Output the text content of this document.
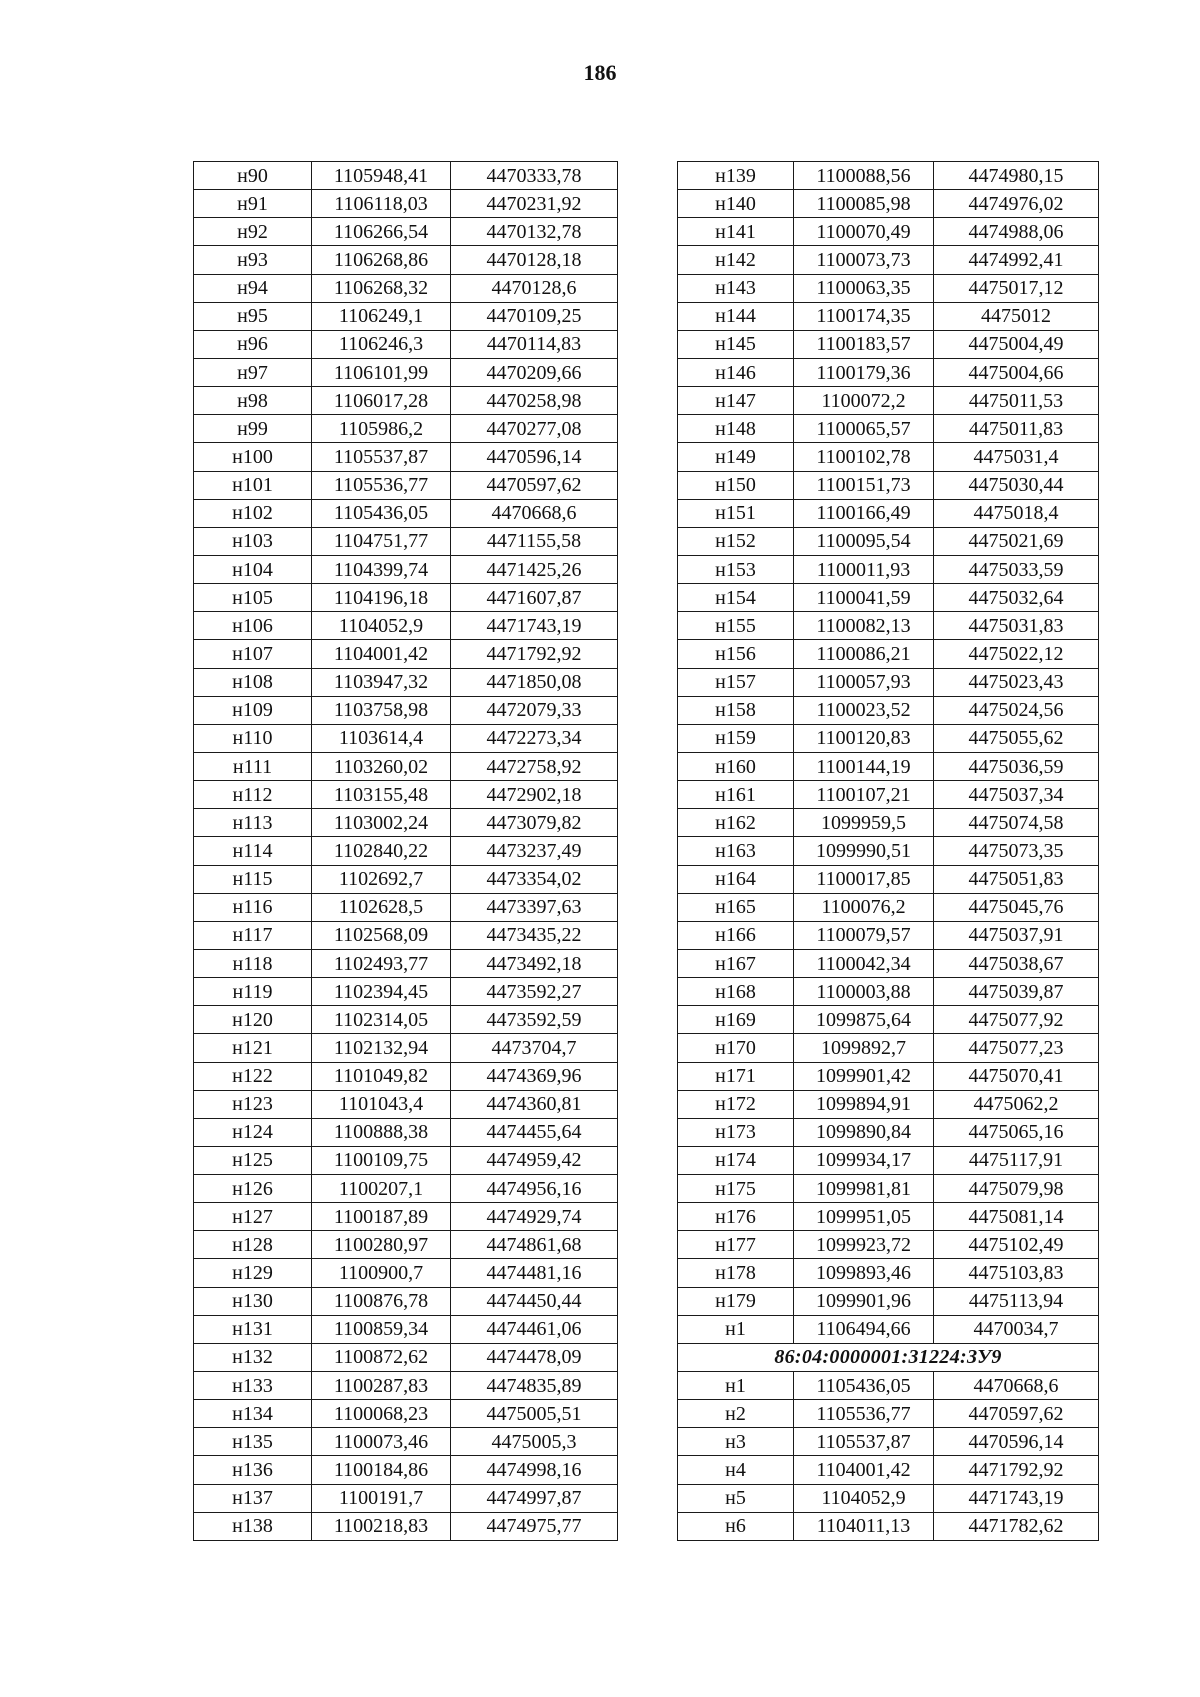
186
н90	1105948,41	4470333,78
н91	1106118,03	4470231,92
н92	1106266,54	4470132,78
н93	1106268,86	4470128,18
н94	1106268,32	4470128,6
н95	1106249,1	4470109,25
н96	1106246,3	4470114,83
н97	1106101,99	4470209,66
н98	1106017,28	4470258,98
н99	1105986,2	4470277,08
н100	1105537,87	4470596,14
н101	1105536,77	4470597,62
н102	1105436,05	4470668,6
н103	1104751,77	4471155,58
н104	1104399,74	4471425,26
н105	1104196,18	4471607,87
н106	1104052,9	4471743,19
н107	1104001,42	4471792,92
н108	1103947,32	4471850,08
н109	1103758,98	4472079,33
н110	1103614,4	4472273,34
н111	1103260,02	4472758,92
н112	1103155,48	4472902,18
н113	1103002,24	4473079,82
н114	1102840,22	4473237,49
н115	1102692,7	4473354,02
н116	1102628,5	4473397,63
н117	1102568,09	4473435,22
н118	1102493,77	4473492,18
н119	1102394,45	4473592,27
н120	1102314,05	4473592,59
н121	1102132,94	4473704,7
н122	1101049,82	4474369,96
н123	1101043,4	4474360,81
н124	1100888,38	4474455,64
н125	1100109,75	4474959,42
н126	1100207,1	4474956,16
н127	1100187,89	4474929,74
н128	1100280,97	4474861,68
н129	1100900,7	4474481,16
н130	1100876,78	4474450,44
н131	1100859,34	4474461,06
н132	1100872,62	4474478,09
н133	1100287,83	4474835,89
н134	1100068,23	4475005,51
н135	1100073,46	4475005,3
н136	1100184,86	4474998,16
н137	1100191,7	4474997,87
н138	1100218,83	4474975,77
н139	1100088,56	4474980,15
н140	1100085,98	4474976,02
н141	1100070,49	4474988,06
н142	1100073,73	4474992,41
н143	1100063,35	4475017,12
н144	1100174,35	4475012
н145	1100183,57	4475004,49
н146	1100179,36	4475004,66
н147	1100072,2	4475011,53
н148	1100065,57	4475011,83
н149	1100102,78	4475031,4
н150	1100151,73	4475030,44
н151	1100166,49	4475018,4
н152	1100095,54	4475021,69
н153	1100011,93	4475033,59
н154	1100041,59	4475032,64
н155	1100082,13	4475031,83
н156	1100086,21	4475022,12
н157	1100057,93	4475023,43
н158	1100023,52	4475024,56
н159	1100120,83	4475055,62
н160	1100144,19	4475036,59
н161	1100107,21	4475037,34
н162	1099959,5	4475074,58
н163	1099990,51	4475073,35
н164	1100017,85	4475051,83
н165	1100076,2	4475045,76
н166	1100079,57	4475037,91
н167	1100042,34	4475038,67
н168	1100003,88	4475039,87
н169	1099875,64	4475077,92
н170	1099892,7	4475077,23
н171	1099901,42	4475070,41
н172	1099894,91	4475062,2
н173	1099890,84	4475065,16
н174	1099934,17	4475117,91
н175	1099981,81	4475079,98
н176	1099951,05	4475081,14
н177	1099923,72	4475102,49
н178	1099893,46	4475103,83
н179	1099901,96	4475113,94
н1	1106494,66	4470034,7
86:04:0000001:31224:ЗУ9		
н1	1105436,05	4470668,6
н2	1105536,77	4470597,62
н3	1105537,87	4470596,14
н4	1104001,42	4471792,92
н5	1104052,9	4471743,19
н6	1104011,13	4471782,62
